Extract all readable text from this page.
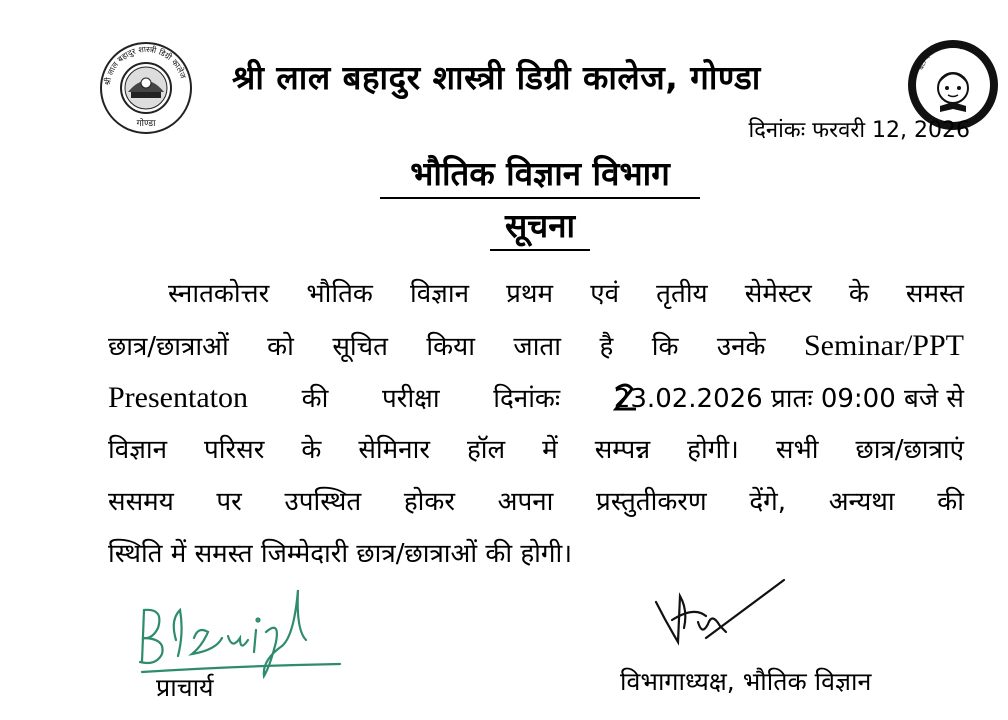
श्री लाल बहादुर शास्त्री डिग्री कालेज
गोण्डा
श्री लाल बहादुर शास्त्री डिग्री कालेज, गोण्डा	बेटी बचाओ बेटी पढ़ाओ
दिनांकः फरवरी 12, 2026
भौतिक विज्ञान विभाग
सूचना
स्नातकोत्तर भौतिक विज्ञान प्रथम एवं तृतीय सेमेस्टर के समस्त
छात्र/छात्राओं को सूचित किया जाता है कि उनके Seminar/PPT
Presentaton की परीक्षा दिनांकः 23.02.2026 प्रातः 09:00 बजे से
विज्ञान परिसर के सेमिनार हॉल में सम्पन्न होगी। सभी छात्र/छात्राएं
ससमय पर उपस्थित होकर अपना प्रस्तुतीकरण देंगे, अन्यथा की
स्थिति में समस्त जिम्मेदारी छात्र/छात्राओं की होगी।
प्राचार्य	विभागाध्यक्ष, भौतिक विज्ञान
